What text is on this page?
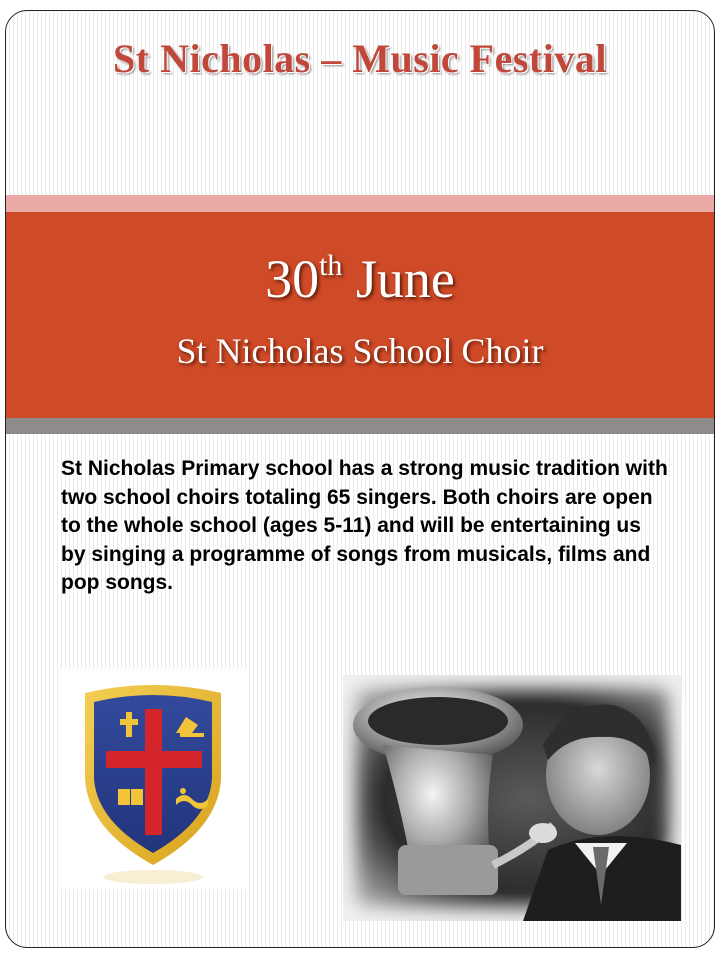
St Nicholas – Music Festival
30th June
St Nicholas School Choir

St Nicholas Primary school has a strong music tradition with two school choirs totaling 65 singers. Both choirs are open to the whole school (ages 5-11) and will be entertaining us by singing a programme of songs from musicals, films and pop songs.
